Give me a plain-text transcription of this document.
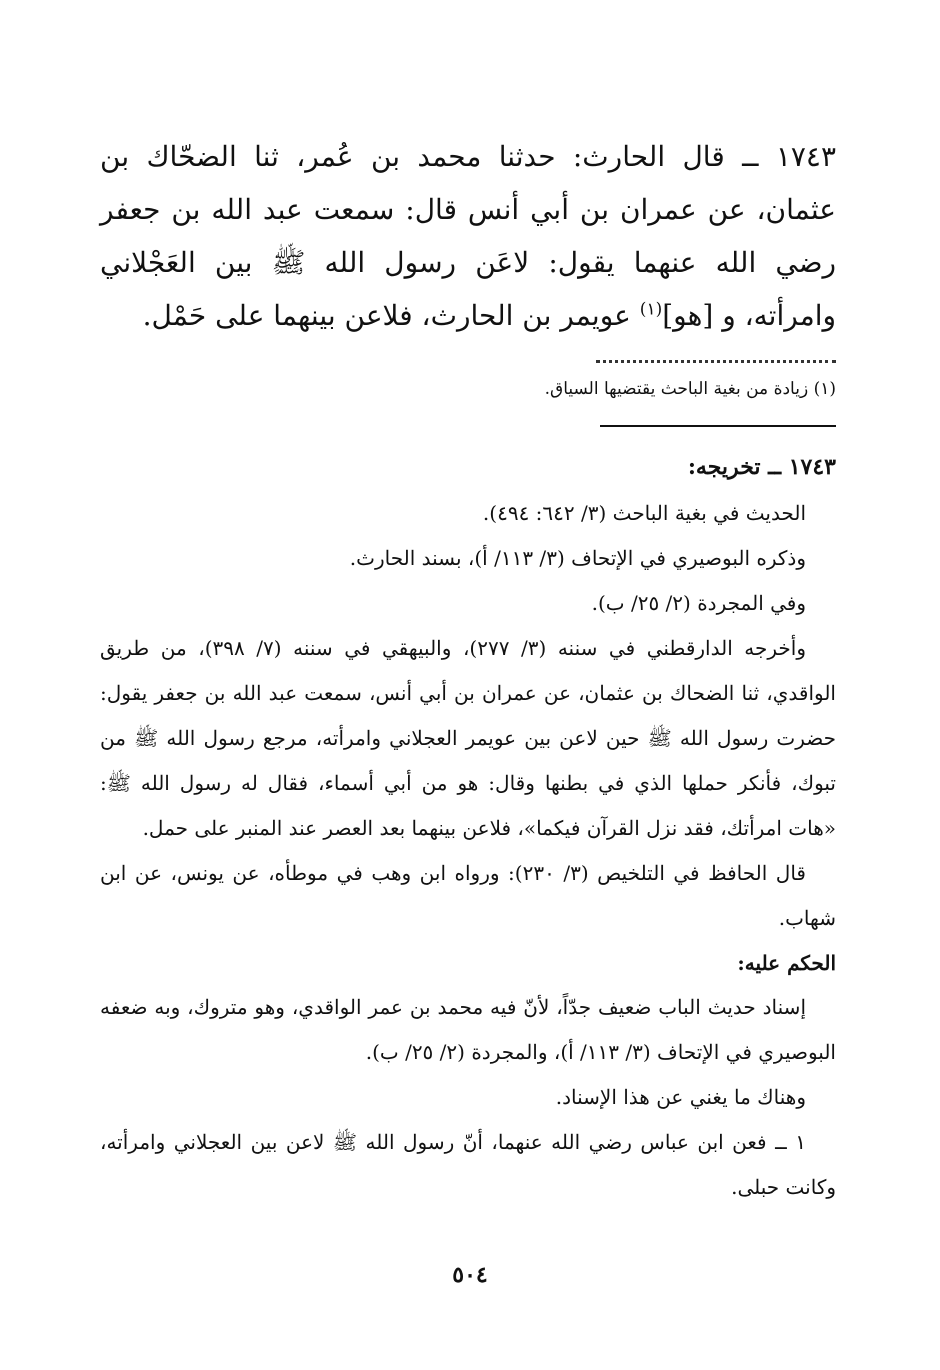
١٧٤٣ ــ قال الحارث: حدثنا محمد بن عُمر، ثنا الضحّاك بن عثمان، عن عمران بن أبي أنس قال: سمعت عبد الله بن جعفر رضي الله عنهما يقول: لاعَن رسول الله ﷺ بين العَجْلاني وامرأته، و [هو]$^{(١)}$ عويمر بن الحارث، فلاعن بينهما على حَمْل.

(١) زيادة من بغية الباحث يقتضيها السياق.

١٧٤٣ ــ تخريجه:

الحديث في بغية الباحث (٣/ ٦٤٢: ٤٩٤).

وذكره البوصيري في الإتحاف (٣/ ١١٣/ أ)، بسند الحارث.

وفي المجردة (٢/ ٢٥/ ب).

وأخرجه الدارقطني في سننه (٣/ ٢٧٧)، والبيهقي في سننه (٧/ ٣٩٨)، من طريق الواقدي، ثنا الضحاك بن عثمان، عن عمران بن أبي أنس، سمعت عبد الله بن جعفر يقول: حضرت رسول الله ﷺ حين لاعن بين عويمر العجلاني وامرأته، مرجع رسول الله ﷺ من تبوك، فأنكر حملها الذي في بطنها وقال: هو من أبي أسماء، فقال له رسول الله ﷺ: «هات امرأتك، فقد نزل القرآن فيكما»، فلاعن بينهما بعد العصر عند المنبر على حمل.

قال الحافظ في التلخيص (٣/ ٢٣٠): ورواه ابن وهب في موطأه، عن يونس، عن ابن شهاب.

الحكم عليه:

إسناد حديث الباب ضعيف جدّاً، لأنّ فيه محمد بن عمر الواقدي، وهو متروك، وبه ضعفه البوصيري في الإتحاف (٣/ ١١٣/ أ)، والمجردة (٢/ ٢٥/ ب).

وهناك ما يغني عن هذا الإسناد.

١ ــ فعن ابن عباس رضي الله عنهما، أنّ رسول الله ﷺ لاعن بين العجلاني وامرأته، وكانت حبلى.

٥٠٤
